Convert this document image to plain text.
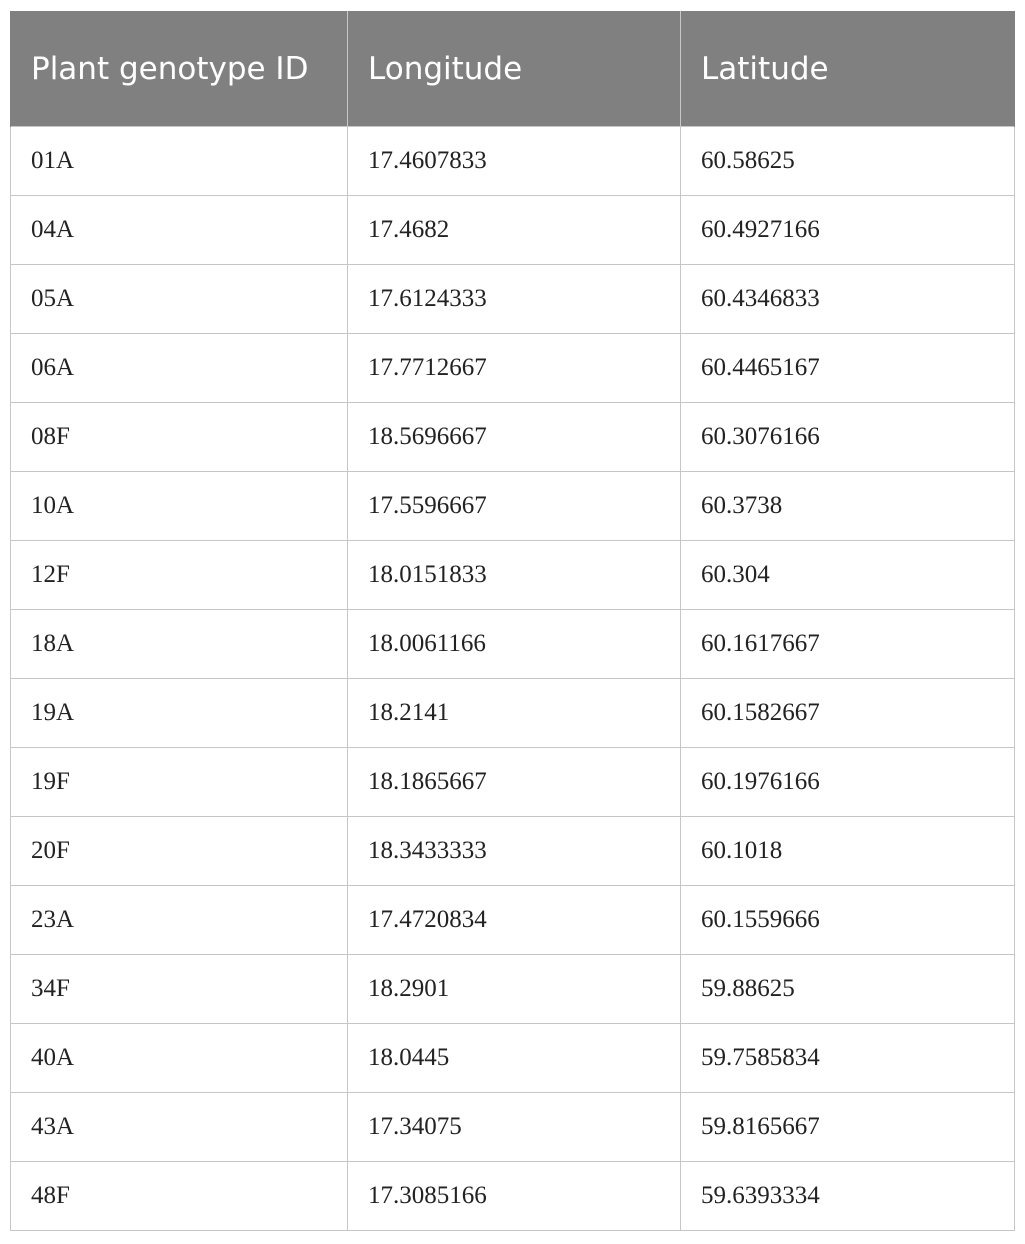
Plant genotype ID	Longitude	Latitude
01A	17.4607833	60.58625
04A	17.4682	60.4927166
05A	17.6124333	60.4346833
06A	17.7712667	60.4465167
08F	18.5696667	60.3076166
10A	17.5596667	60.3738
12F	18.0151833	60.304
18A	18.0061166	60.1617667
19A	18.2141	60.1582667
19F	18.1865667	60.1976166
20F	18.3433333	60.1018
23A	17.4720834	60.1559666
34F	18.2901	59.88625
40A	18.0445	59.7585834
43A	17.34075	59.8165667
48F	17.3085166	59.6393334
